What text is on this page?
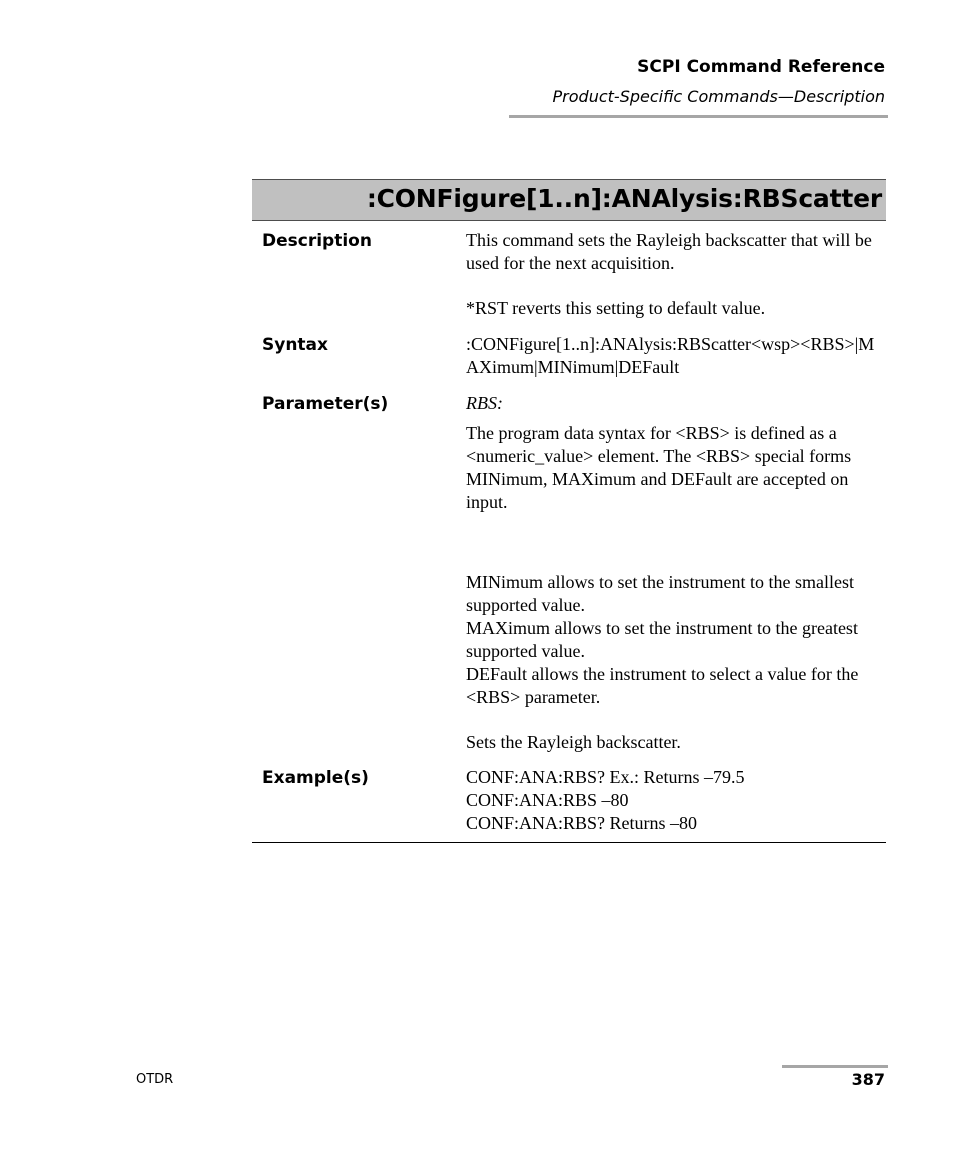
SCPI Command Reference
Product-Specific Commands—Description
:CONFigure[1..n]:ANAlysis:RBScatter
Description	This command sets the Rayleigh backscatter that will be used for the next acquisition.

*RST reverts this setting to default value.

Syntax	:CONFigure[1..n]:ANAlysis:RBScatter<wsp><RBS>|MAXimum|MINimum|DEFault

Parameter(s)	RBS:

The program data syntax for <RBS> is defined as a <numeric_value> element. The <RBS> special forms MINimum, MAXimum and DEFault are accepted on input.

MINimum allows to set the instrument to the smallest supported value.

MAXimum allows to set the instrument to the greatest supported value.

DEFault allows the instrument to select a value for the <RBS> parameter.

Sets the Rayleigh backscatter.

Example(s)	CONF:ANA:RBS? Ex.: Returns –79.5

CONF:ANA:RBS –80

CONF:ANA:RBS? Returns –80

OTDR	387
